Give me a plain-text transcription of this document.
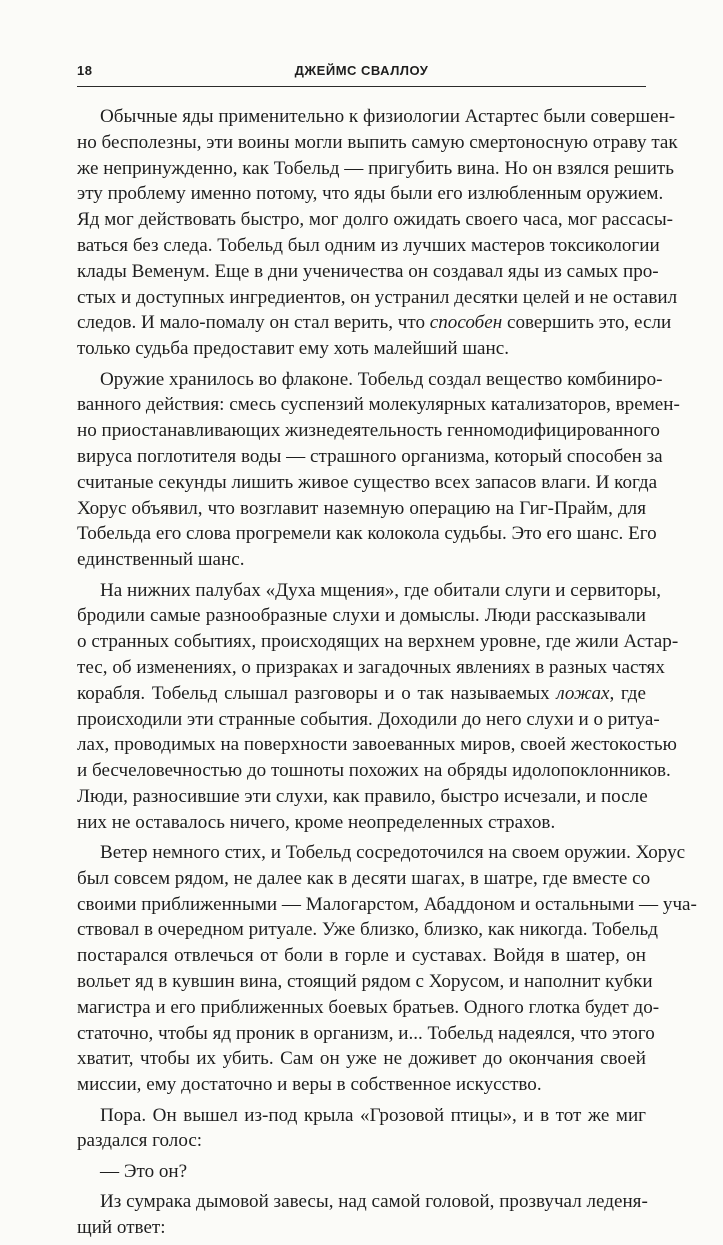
18	ДЖЕЙМС СВАЛЛОУ
Обычные яды применительно к физиологии Астартес были совершен-
но бесполезны, эти воины могли выпить самую смертоносную отраву так
же непринужденно, как Тобельд — пригубить вина. Но он взялся решить
эту проблему именно потому, что яды были его излюбленным оружием.
Яд мог действовать быстро, мог долго ожидать своего часа, мог рассасы-
ваться без следа. Тобельд был одним из лучших мастеров токсикологии
клады Веменум. Еще в дни ученичества он создавал яды из самых про-
стых и доступных ингредиентов, он устранил десятки целей и не оставил
следов. И мало-помалу он стал верить, что способен совершить это, если
только судьба предоставит ему хоть малейший шанс.
Оружие хранилось во флаконе. Тобельд создал вещество комбиниро-
ванного действия: смесь суспензий молекулярных катализаторов, времен-
но приостанавливающих жизнедеятельность генномодифицированного
вируса поглотителя воды — страшного организма, который способен за
считаные секунды лишить живое существо всех запасов влаги. И когда
Хорус объявил, что возглавит наземную операцию на Гиг-Прайм, для
Тобельда его слова прогремели как колокола судьбы. Это его шанс. Его
единственный шанс.
На нижних палубах «Духа мщения», где обитали слуги и сервиторы,
бродили самые разнообразные слухи и домыслы. Люди рассказывали
о странных событиях, происходящих на верхнем уровне, где жили Астар-
тес, об изменениях, о призраках и загадочных явлениях в разных частях
корабля. Тобельд слышал разговоры и о так называемых ложах, где
происходили эти странные события. Доходили до него слухи и о ритуа-
лах, проводимых на поверхности завоеванных миров, своей жестокостью
и бесчеловечностью до тошноты похожих на обряды идолопоклонников.
Люди, разносившие эти слухи, как правило, быстро исчезали, и после
них не оставалось ничего, кроме неопределенных страхов.
Ветер немного стих, и Тобельд сосредоточился на своем оружии. Хорус
был совсем рядом, не далее как в десяти шагах, в шатре, где вместе со
своими приближенными — Малогарстом, Абаддоном и остальными — уча-
ствовал в очередном ритуале. Уже близко, близко, как никогда. Тобельд
постарался отвлечься от боли в горле и суставах. Войдя в шатер, он
вольет яд в кувшин вина, стоящий рядом с Хорусом, и наполнит кубки
магистра и его приближенных боевых братьев. Одного глотка будет до-
статочно, чтобы яд проник в организм, и... Тобельд надеялся, что этого
хватит, чтобы их убить. Сам он уже не доживет до окончания своей
миссии, ему достаточно и веры в собственное искусство.
Пора. Он вышел из-под крыла «Грозовой птицы», и в тот же миг
раздался голос:
— Это он?
Из сумрака дымовой завесы, над самой головой, прозвучал леденя-
щий ответ:
